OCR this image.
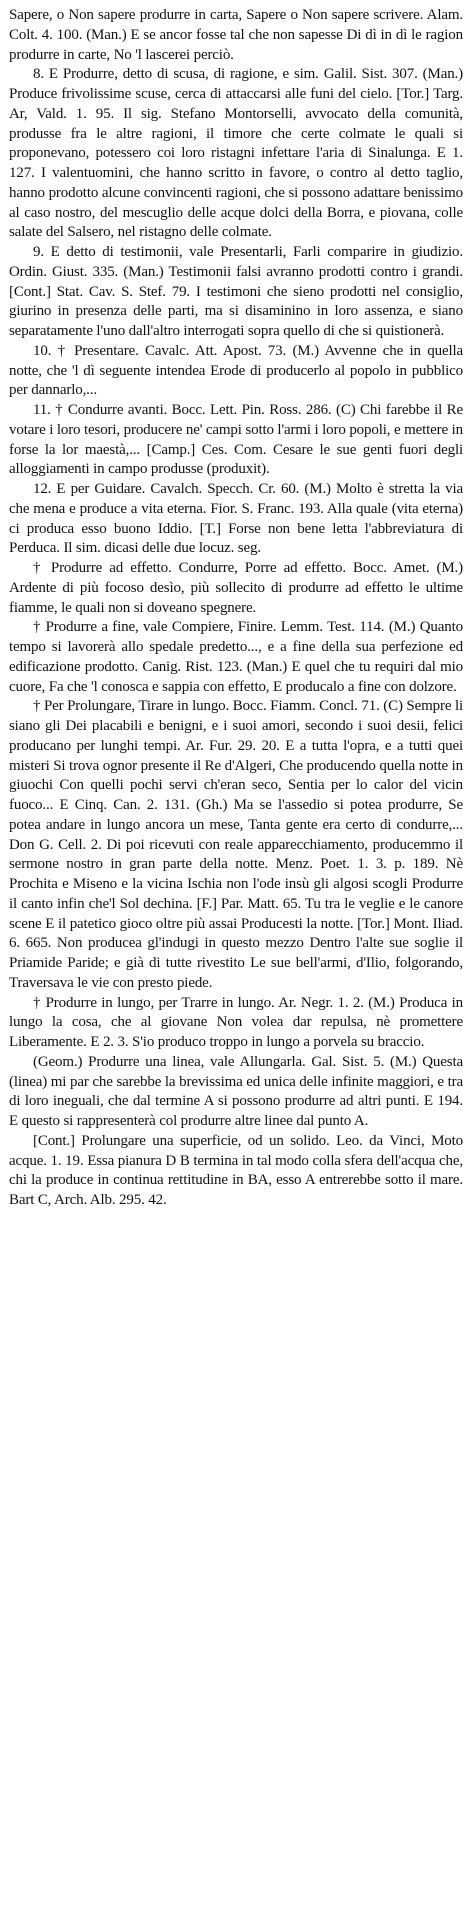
Sapere, o Non sapere produrre in carta, Sapere o Non sapere scrivere. Alam. Colt. 4. 100. (Man.) E se ancor fosse tal che non sapesse Di dì in dì le ragion produrre in carte, No 'l lascerei perciò.

8. E Produrre, detto di scusa, di ragione, e sim. Galil. Sist. 307. (Man.) Produce frivolissime scuse, cerca di attaccarsi alle funi del cielo. [Tor.] Targ. Ar, Vald. 1. 95. Il sig. Stefano Montorselli, avvocato della comunità, produsse fra le altre ragioni, il timore che certe colmate le quali si proponevano, potessero coi loro ristagni infettare l'aria di Sinalunga. E 1. 127. I valentuomini, che hanno scritto in favore, o contro al detto taglio, hanno prodotto alcune convincenti ragioni, che si possono adattare benissimo al caso nostro, del mescuglio delle acque dolci della Borra, e piovana, colle salate del Salsero, nel ristagno delle colmate.

9. E detto di testimonii, vale Presentarli, Farli comparire in giudizio. Ordin. Giust. 335. (Man.) Testimonii falsi avranno prodotti contro i grandi. [Cont.] Stat. Cav. S. Stef. 79. I testimoni che sieno prodotti nel consiglio, giurino in presenza delle parti, ma si disaminino in loro assenza, e siano separatamente l'uno dall'altro interrogati sopra quello di che si quistionerà.

10. † Presentare. Cavalc. Att. Apost. 73. (M.) Avvenne che in quella notte, che 'l dì seguente intendea Erode di producerlo al popolo in pubblico per dannarlo,...

11. † Condurre avanti. Bocc. Lett. Pin. Ross. 286. (C) Chi farebbe il Re votare i loro tesori, producere ne' campi sotto l'armi i loro popoli, e mettere in forse la lor maestà,... [Camp.] Ces. Com. Cesare le sue genti fuori degli alloggiamenti in campo produsse (produxit).

12. E per Guidare. Cavalch. Specch. Cr. 60. (M.) Molto è stretta la via che mena e produce a vita eterna. Fior. S. Franc. 193. Alla quale (vita eterna) ci produca esso buono Iddio. [T.] Forse non bene letta l'abbreviatura di Perduca. Il sim. dicasi delle due locuz. seg.

† Produrre ad effetto. Condurre, Porre ad effetto. Bocc. Amet. (M.) Ardente di più focoso desìo, più sollecito di produrre ad effetto le ultime fiamme, le quali non si doveano spegnere.

† Produrre a fine, vale Compiere, Finire. Lemm. Test. 114. (M.) Quanto tempo si lavorerà allo spedale predetto..., e a fine della sua perfezione ed edificazione prodotto. Canig. Rist. 123. (Man.) E quel che tu requiri dal mio cuore, Fa che 'l conosca e sappia con effetto, E producalo a fine con dolzore.

† Per Prolungare, Tirare in lungo. Bocc. Fiamm. Concl. 71. (C) Sempre li siano gli Dei placabili e benigni, e i suoi amori, secondo i suoi desii, felici producano per lunghi tempi. Ar. Fur. 29. 20. E a tutta l'opra, e a tutti quei misteri Si trova ognor presente il Re d'Algeri, Che producendo quella notte in giuochi Con quelli pochi servi ch'eran seco, Sentia per lo calor del vicin fuoco... E Cinq. Can. 2. 131. (Gh.) Ma se l'assedio si potea produrre, Se potea andare in lungo ancora un mese, Tanta gente era certo di condurre,... Don G. Cell. 2. Di poi ricevuti con reale apparecchiamento, producemmo il sermone nostro in gran parte della notte. Menz. Poet. 1. 3. p. 189. Nè Prochita e Miseno e la vicina Ischia non l'ode insù gli algosi scogli Produrre il canto infin che'l Sol dechina. [F.] Par. Matt. 65. Tu tra le veglie e le canore scene E il patetico gioco oltre più assai Producesti la notte. [Tor.] Mont. Iliad. 6. 665. Non producea gl'indugi in questo mezzo Dentro l'alte sue soglie il Priamide Paride; e già di tutte rivestito Le sue bell'armi, d'Ilio, folgorando, Traversava le vie con presto piede.

† Produrre in lungo, per Trarre in lungo. Ar. Negr. 1. 2. (M.) Produca in lungo la cosa, che al giovane Non volea dar repulsa, nè promettere Liberamente. E 2. 3. S'io produco troppo in lungo a porvela su braccio.

(Geom.) Produrre una linea, vale Allungarla. Gal. Sist. 5. (M.) Questa (linea) mi par che sarebbe la brevissima ed unica delle infinite maggiori, e tra di loro ineguali, che dal termine A si possono produrre ad altri punti. E 194. E questo si rappresenterà col produrre altre linee dal punto A.

[Cont.] Prolungare una superficie, od un solido. Leo. da Vinci, Moto acque. 1. 19. Essa pianura D B termina in tal modo colla sfera dell'acqua che, chi la produce in continua rettitudine in BA, esso A entrerebbe sotto il mare. Bart C, Arch. Alb. 295. 42.
